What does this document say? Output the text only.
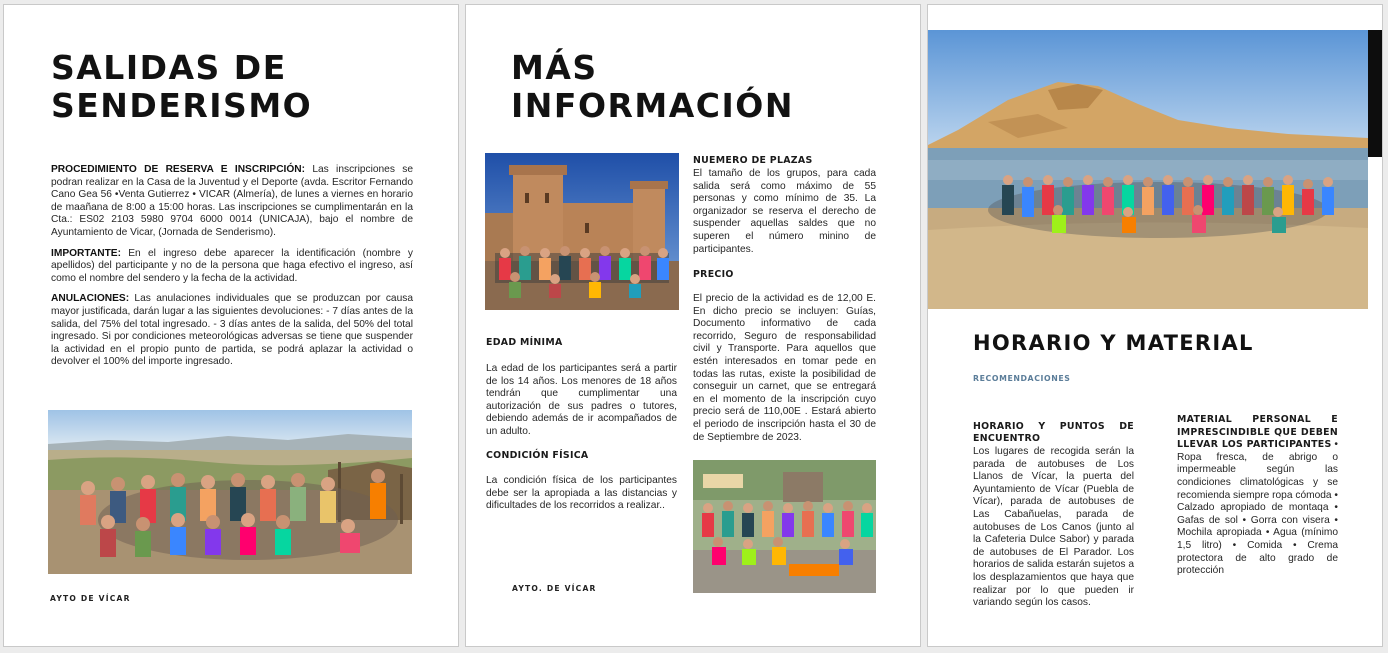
SALIDAS DE
SENDERISMO

PROCEDIMIENTO DE RESERVA E INSCRIPCIÓN: Las inscripciones se podran realizar en la Casa de la Juventud y el Deporte (avda. Escritor Fernando Cano Gea 56 •Venta Gutierrez • VICAR (Almería), de lunes a viernes en horario de maañana de 8:00 a 15:00 horas. Las inscripciones se cumplimentarán en la Cta.: ES02 2103 5980 9704 6000 0014 (UNICAJA), bajo el nombre de Ayuntamiento de Vicar, (Jornada de Senderismo).

IMPORTANTE: En el ingreso debe aparecer la identificación (nombre y apellidos) del participante y no de la persona que haga efectivo el ingreso, así como el nombre del sendero y la fecha de la actividad.

ANULACIONES: Las anulaciones individuales que se produzcan por causa mayor justificada, darán lugar a las siguientes devoluciones: - 7 días antes de la salida, del 75% del total ingresado. - 3 días antes de la salida, del 50% del total ingresado. Si por condiciones meteorológicas adversas se tiene que suspender la actividad en el propio punto de partida, se podrá aplazar la actividad o devolver el 100% del importe ingresado.

AYTO DE VÍCAR
MÁS
INFORMACIÓN
EDAD MÍNIMA
La edad de los participantes será a partir de los 14 años. Los menores de 18 años tendrán que cumplimentar una autorización de sus padres o tutores, debiendo además de ir acompañados de un adulto.
CONDICIÓN FÍSICA
La condición física de los participantes debe ser la apropiada a las distancias y dificultades de los recorridos a realizar..
NUEMERO DE PLAZAS
El tamaño de los grupos, para cada salida será como máximo de 55 personas y como mínimo de 35. La organizador se reserva el derecho de suspender aquellas saldes que no superen el número minino de participantes.
PRECIO
El precio de la actividad es de 12,00 E. En dicho precio se incluyen: Guías, Documento informativo de cada recorrido, Seguro de responsabilidad civil y Transporte. Para aquellos que estén interesados en tomar pede en todas las rutas, existe la posibilidad de conseguir un carnet, que se entregará en el momento de la inscripción cuyo precio será de 110,00E . Estará abierto el periodo de inscripción hasta el 30 de de Septiembre de 2023.
AYTO. DE VÍCAR
HORARIO Y MATERIAL
RECOMENDACIONES
HORARIO Y PUNTOS DE ENCUENTRO
Los lugares de recogida serán la parada de autobuses de Los Llanos de Vícar, la puerta del Ayuntamiento de Vícar (Puebla de Vícar), parada de autobuses de Las Cabañuelas, parada de autobuses de Los Canos (junto al la Cafeteria Dulce Sabor) y parada de autobuses de El Parador. Los horarios de salida estarán sujetos a los desplazamientos que haya que realizar por lo que pueden ir variando según los casos.
MATERIAL PERSONAL E IMPRESCINDIBLE QUE DEBEN LLEVAR LOS PARTICIPANTES • Ropa fresca, de abrigo o impermeable según las condiciones climatológicas y se recomienda siempre ropa cómoda • Calzado apropiado de montaqa • Gafas de sol • Gorra con visera • Mochila apropiada • Agua (mínimo 1,5 litro) • Comida • Crema protectora de alto grado de protección
